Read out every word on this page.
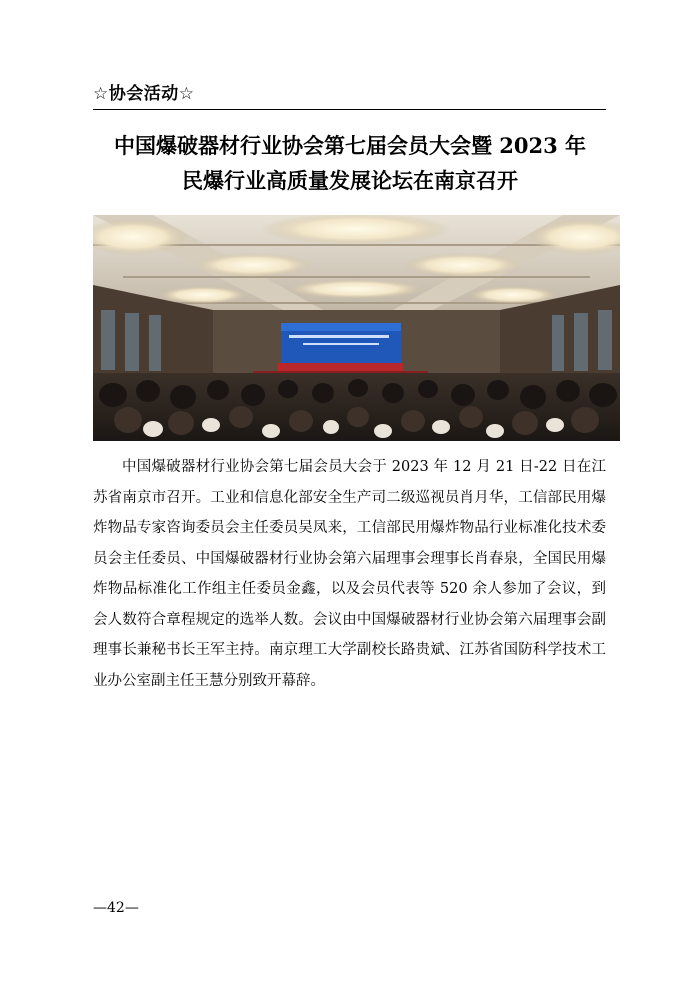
☆协会活动☆
中国爆破器材行业协会第七届会员大会暨 2023 年
民爆行业高质量发展论坛在南京召开

中国爆破器材行业协会第七届会员大会于 2023 年 12 月 21 日-22 日在江苏省南京市召开。工业和信息化部安全生产司二级巡视员肖月华，工信部民用爆炸物品专家咨询委员会主任委员吴凤来，工信部民用爆炸物品行业标准化技术委员会主任委员、中国爆破器材行业协会第六届理事会理事长肖春泉，全国民用爆炸物品标准化工作组主任委员金鑫，以及会员代表等 520 余人参加了会议，到会人数符合章程规定的选举人数。会议由中国爆破器材行业协会第六届理事会副理事长兼秘书长王军主持。南京理工大学副校长路贵斌、江苏省国防科学技术工业办公室副主任王慧分别致开幕辞。

—42—
